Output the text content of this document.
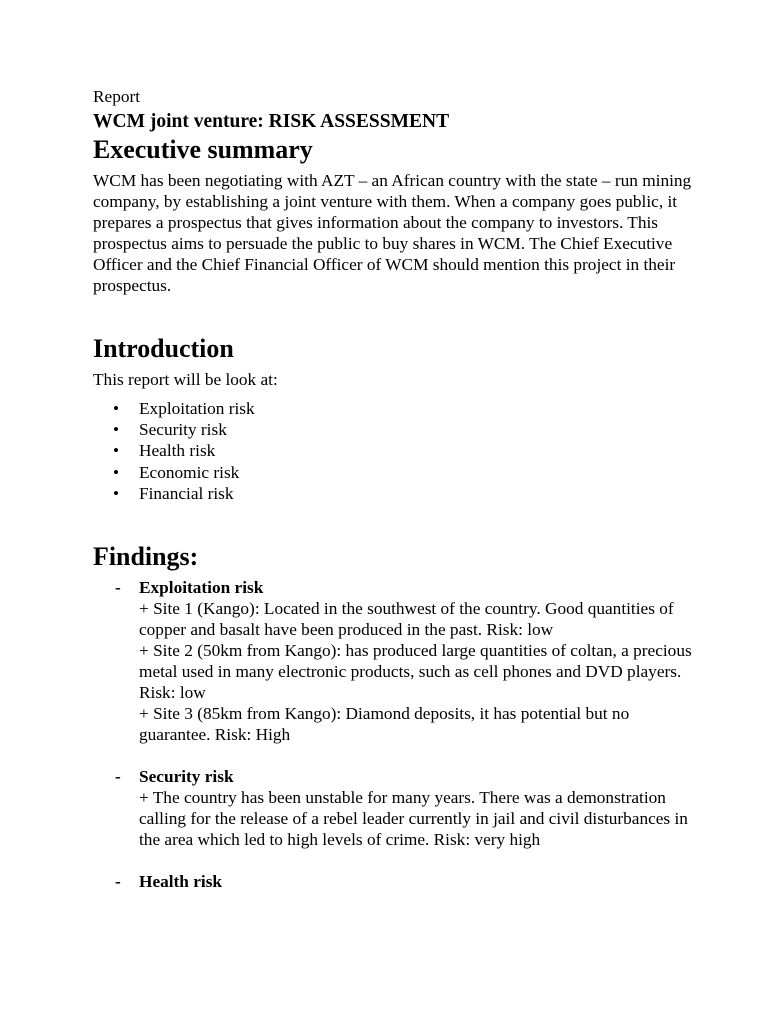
Report

WCM joint venture: RISK ASSESSMENT
Executive summary

WCM has been negotiating with AZT – an African country with the state – run mining company, by establishing a joint venture with them. When a company goes public, it prepares a prospectus that gives information about the company to investors. This prospectus aims to persuade the public to buy shares in WCM. The Chief Executive Officer and the Chief Financial Officer of WCM should mention this project in their prospectus.

Introduction

This report will be look at:

• Exploitation risk
• Security risk
• Health risk
• Economic risk
• Financial risk
Findings:
- Exploitation risk
+ Site 1 (Kango): Located in the southwest of the country. Good quantities of copper and basalt have been produced in the past. Risk: low
+ Site 2 (50km from Kango): has produced large quantities of coltan, a precious metal used in many electronic products, such as cell phones and DVD players. Risk: low
+ Site 3 (85km from Kango): Diamond deposits, it has potential but no guarantee. Risk: High
- Security risk
+ The country has been unstable for many years. There was a demonstration calling for the release of a rebel leader currently in jail and civil disturbances in the area which led to high levels of crime. Risk: very high
- Health risk
